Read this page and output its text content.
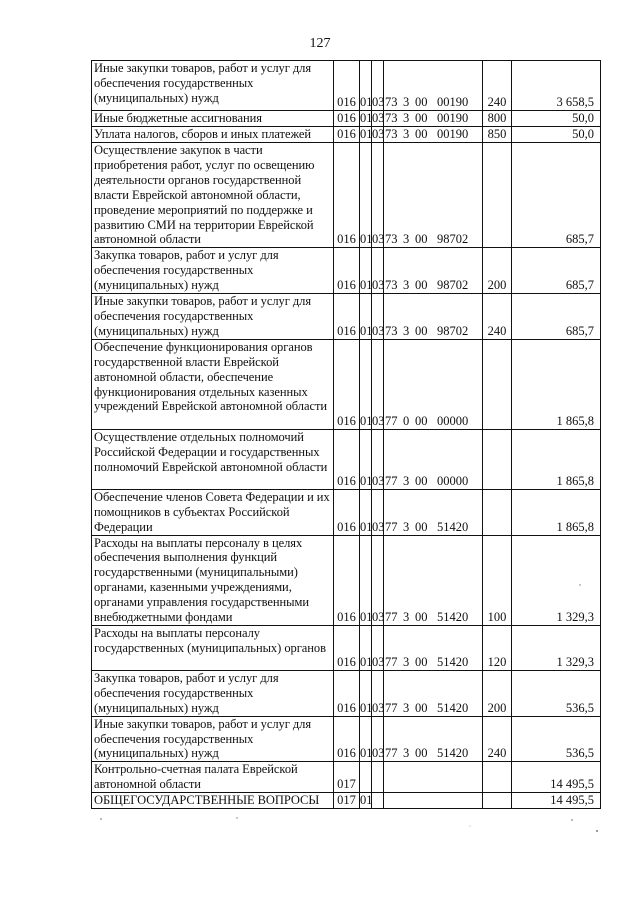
127
Иные закупки товаров, работ и услуг для обеспечения государственных (муниципальных) нужд	016	01	03	73 3 00 00190	240	3 658,5
Иные бюджетные ассигнования	016	01	03	73 3 00 00190	800	50,0
Уплата налогов, сборов и иных платежей	016	01	03	73 3 00 00190	850	50,0
Осуществление закупок в части приобретения работ, услуг по освещению деятельности органов государственной власти Еврейской автономной области, проведение мероприятий по поддержке и развитию СМИ на территории Еврейской автономной области	016	01	03	73 3 00 98702		685,7
Закупка товаров, работ и услуг для обеспечения государственных (муниципальных) нужд	016	01	03	73 3 00 98702	200	685,7
Иные закупки товаров, работ и услуг для обеспечения государственных (муниципальных) нужд	016	01	03	73 3 00 98702	240	685,7
Обеспечение функционирования органов государственной власти Еврейской автономной области, обеспечение функционирования отдельных казенных учреждений Еврейской автономной области	016	01	03	77 0 00 00000		1 865,8
Осуществление отдельных полномочий Российской Федерации и государственных полномочий Еврейской автономной области	016	01	03	77 3 00 00000		1 865,8
Обеспечение членов Совета Федерации и их помощников в субъектах Российской Федерации	016	01	03	77 3 00 51420		1 865,8
Расходы на выплаты персоналу в целях обеспечения выполнения функций государственными (муниципальными) органами, казенными учреждениями, органами управления государственными внебюджетными фондами	016	01	03	77 3 00 51420	100	1 329,3
Расходы на выплаты персоналу государственных (муниципальных) органов	016	01	03	77 3 00 51420	120	1 329,3
Закупка товаров, работ и услуг для обеспечения государственных (муниципальных) нужд	016	01	03	77 3 00 51420	200	536,5
Иные закупки товаров, работ и услуг для обеспечения государственных (муниципальных) нужд	016	01	03	77 3 00 51420	240	536,5
Контрольно-счетная палата Еврейской автономной области	017					14 495,5
ОБЩЕГОСУДАРСТВЕННЫЕ ВОПРОСЫ	017	01				14 495,5
